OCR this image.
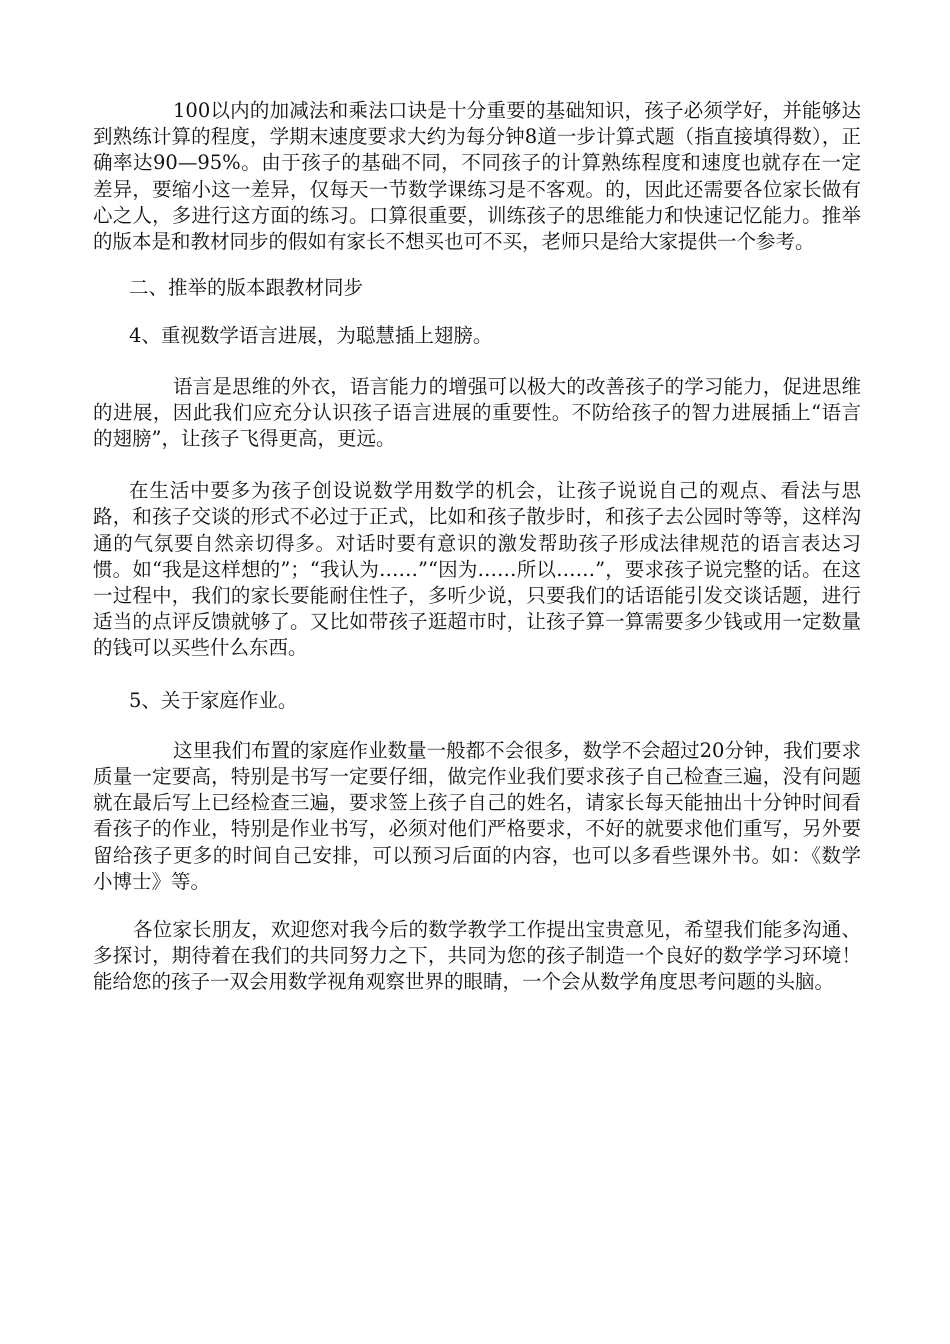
100以内的加减法和乘法口诀是十分重要的基础知识，孩子必须学好，并能够达到熟练计算的程度，学期末速度要求大约为每分钟8道一步计算式题（指直接填得数），正确率达90—95%。由于孩子的基础不同，不同孩子的计算熟练程度和速度也就存在一定差异，要缩小这一差异，仅每天一节数学课练习是不客观。的，因此还需要各位家长做有心之人，多进行这方面的练习。口算很重要，训练孩子的思维能力和快速记忆能力。推举的版本是和教材同步的假如有家长不想买也可不买，老师只是给大家提供一个参考。

二、推举的版本跟教材同步

4、重视数学语言进展，为聪慧插上翅膀。

语言是思维的外衣，语言能力的增强可以极大的改善孩子的学习能力，促进思维的进展，因此我们应充分认识孩子语言进展的重要性。不防给孩子的智力进展插上“语言的翅膀”，让孩子飞得更高，更远。

在生活中要多为孩子创设说数学用数学的机会，让孩子说说自己的观点、看法与思路，和孩子交谈的形式不必过于正式，比如和孩子散步时，和孩子去公园时等等，这样沟通的气氛要自然亲切得多。对话时要有意识的激发帮助孩子形成法律规范的语言表达习惯。如“我是这样想的”；“我认为……”“因为……所以……”，要求孩子说完整的话。在这一过程中，我们的家长要能耐住性子，多听少说，只要我们的话语能引发交谈话题，进行适当的点评反馈就够了。又比如带孩子逛超市时，让孩子算一算需要多少钱或用一定数量的钱可以买些什么东西。

5、关于家庭作业。

这里我们布置的家庭作业数量一般都不会很多，数学不会超过20分钟，我们要求质量一定要高，特别是书写一定要仔细，做完作业我们要求孩子自己检查三遍，没有问题就在最后写上已经检查三遍，要求签上孩子自己的姓名，请家长每天能抽出十分钟时间看看孩子的作业，特别是作业书写，必须对他们严格要求，不好的就要求他们重写，另外要留给孩子更多的时间自己安排，可以预习后面的内容，也可以多看些课外书。如：《数学小博士》等。

各位家长朋友，欢迎您对我今后的数学教学工作提出宝贵意见，希望我们能多沟通、多探讨，期待着在我们的共同努力之下，共同为您的孩子制造一个良好的数学学习环境！能给您的孩子一双会用数学视角观察世界的眼睛，一个会从数学角度思考问题的头脑。
